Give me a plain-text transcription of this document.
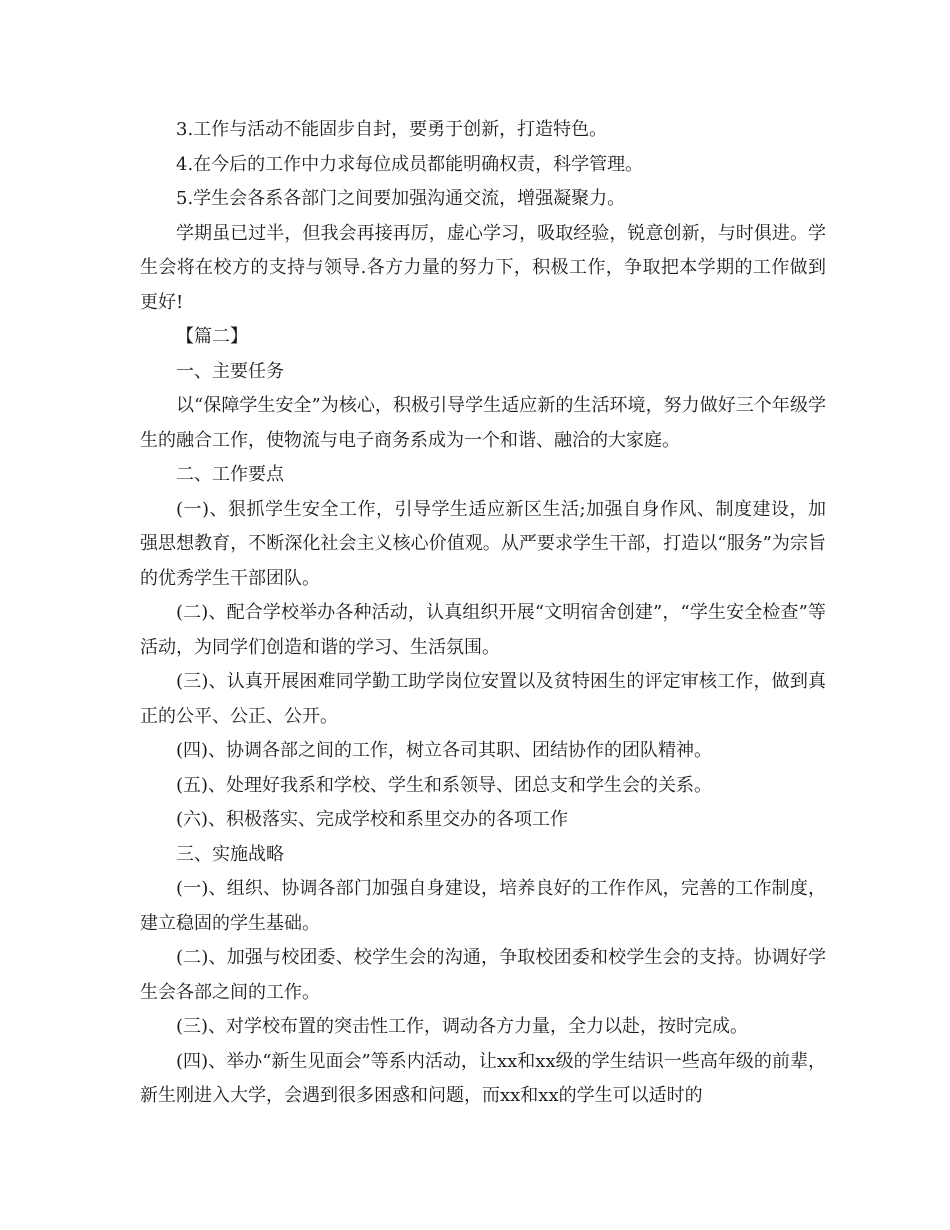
3.工作与活动不能固步自封，要勇于创新，打造特色。

4.在今后的工作中力求每位成员都能明确权责，科学管理。

5.学生会各系各部门之间要加强沟通交流，增强凝聚力。

学期虽已过半，但我会再接再厉，虚心学习，吸取经验，锐意创新，与时俱进。学生会将在校方的支持与领导.各方力量的努力下，积极工作，争取把本学期的工作做到更好!

【篇二】

一、主要任务

以“保障学生安全”为核心，积极引导学生适应新的生活环境，努力做好三个年级学生的融合工作，使物流与电子商务系成为一个和谐、融洽的大家庭。

二、工作要点

(一)、狠抓学生安全工作，引导学生适应新区生活;加强自身作风、制度建设，加强思想教育，不断深化社会主义核心价值观。从严要求学生干部，打造以“服务”为宗旨的优秀学生干部团队。

(二)、配合学校举办各种活动，认真组织开展“文明宿舍创建”，“学生安全检查”等活动，为同学们创造和谐的学习、生活氛围。

(三)、认真开展困难同学勤工助学岗位安置以及贫特困生的评定审核工作，做到真正的公平、公正、公开。

(四)、协调各部之间的工作，树立各司其职、团结协作的团队精神。

(五)、处理好我系和学校、学生和系领导、团总支和学生会的关系。

(六)、积极落实、完成学校和系里交办的各项工作

三、实施战略

(一)、组织、协调各部门加强自身建设，培养良好的工作作风，完善的工作制度，建立稳固的学生基础。

(二)、加强与校团委、校学生会的沟通，争取校团委和校学生会的支持。协调好学生会各部之间的工作。

(三)、对学校布置的突击性工作，调动各方力量，全力以赴，按时完成。

(四)、举办“新生见面会”等系内活动，让xx和xx级的学生结识一些高年级的前辈，新生刚进入大学，会遇到很多困惑和问题，而xx和xx的学生可以适时的
